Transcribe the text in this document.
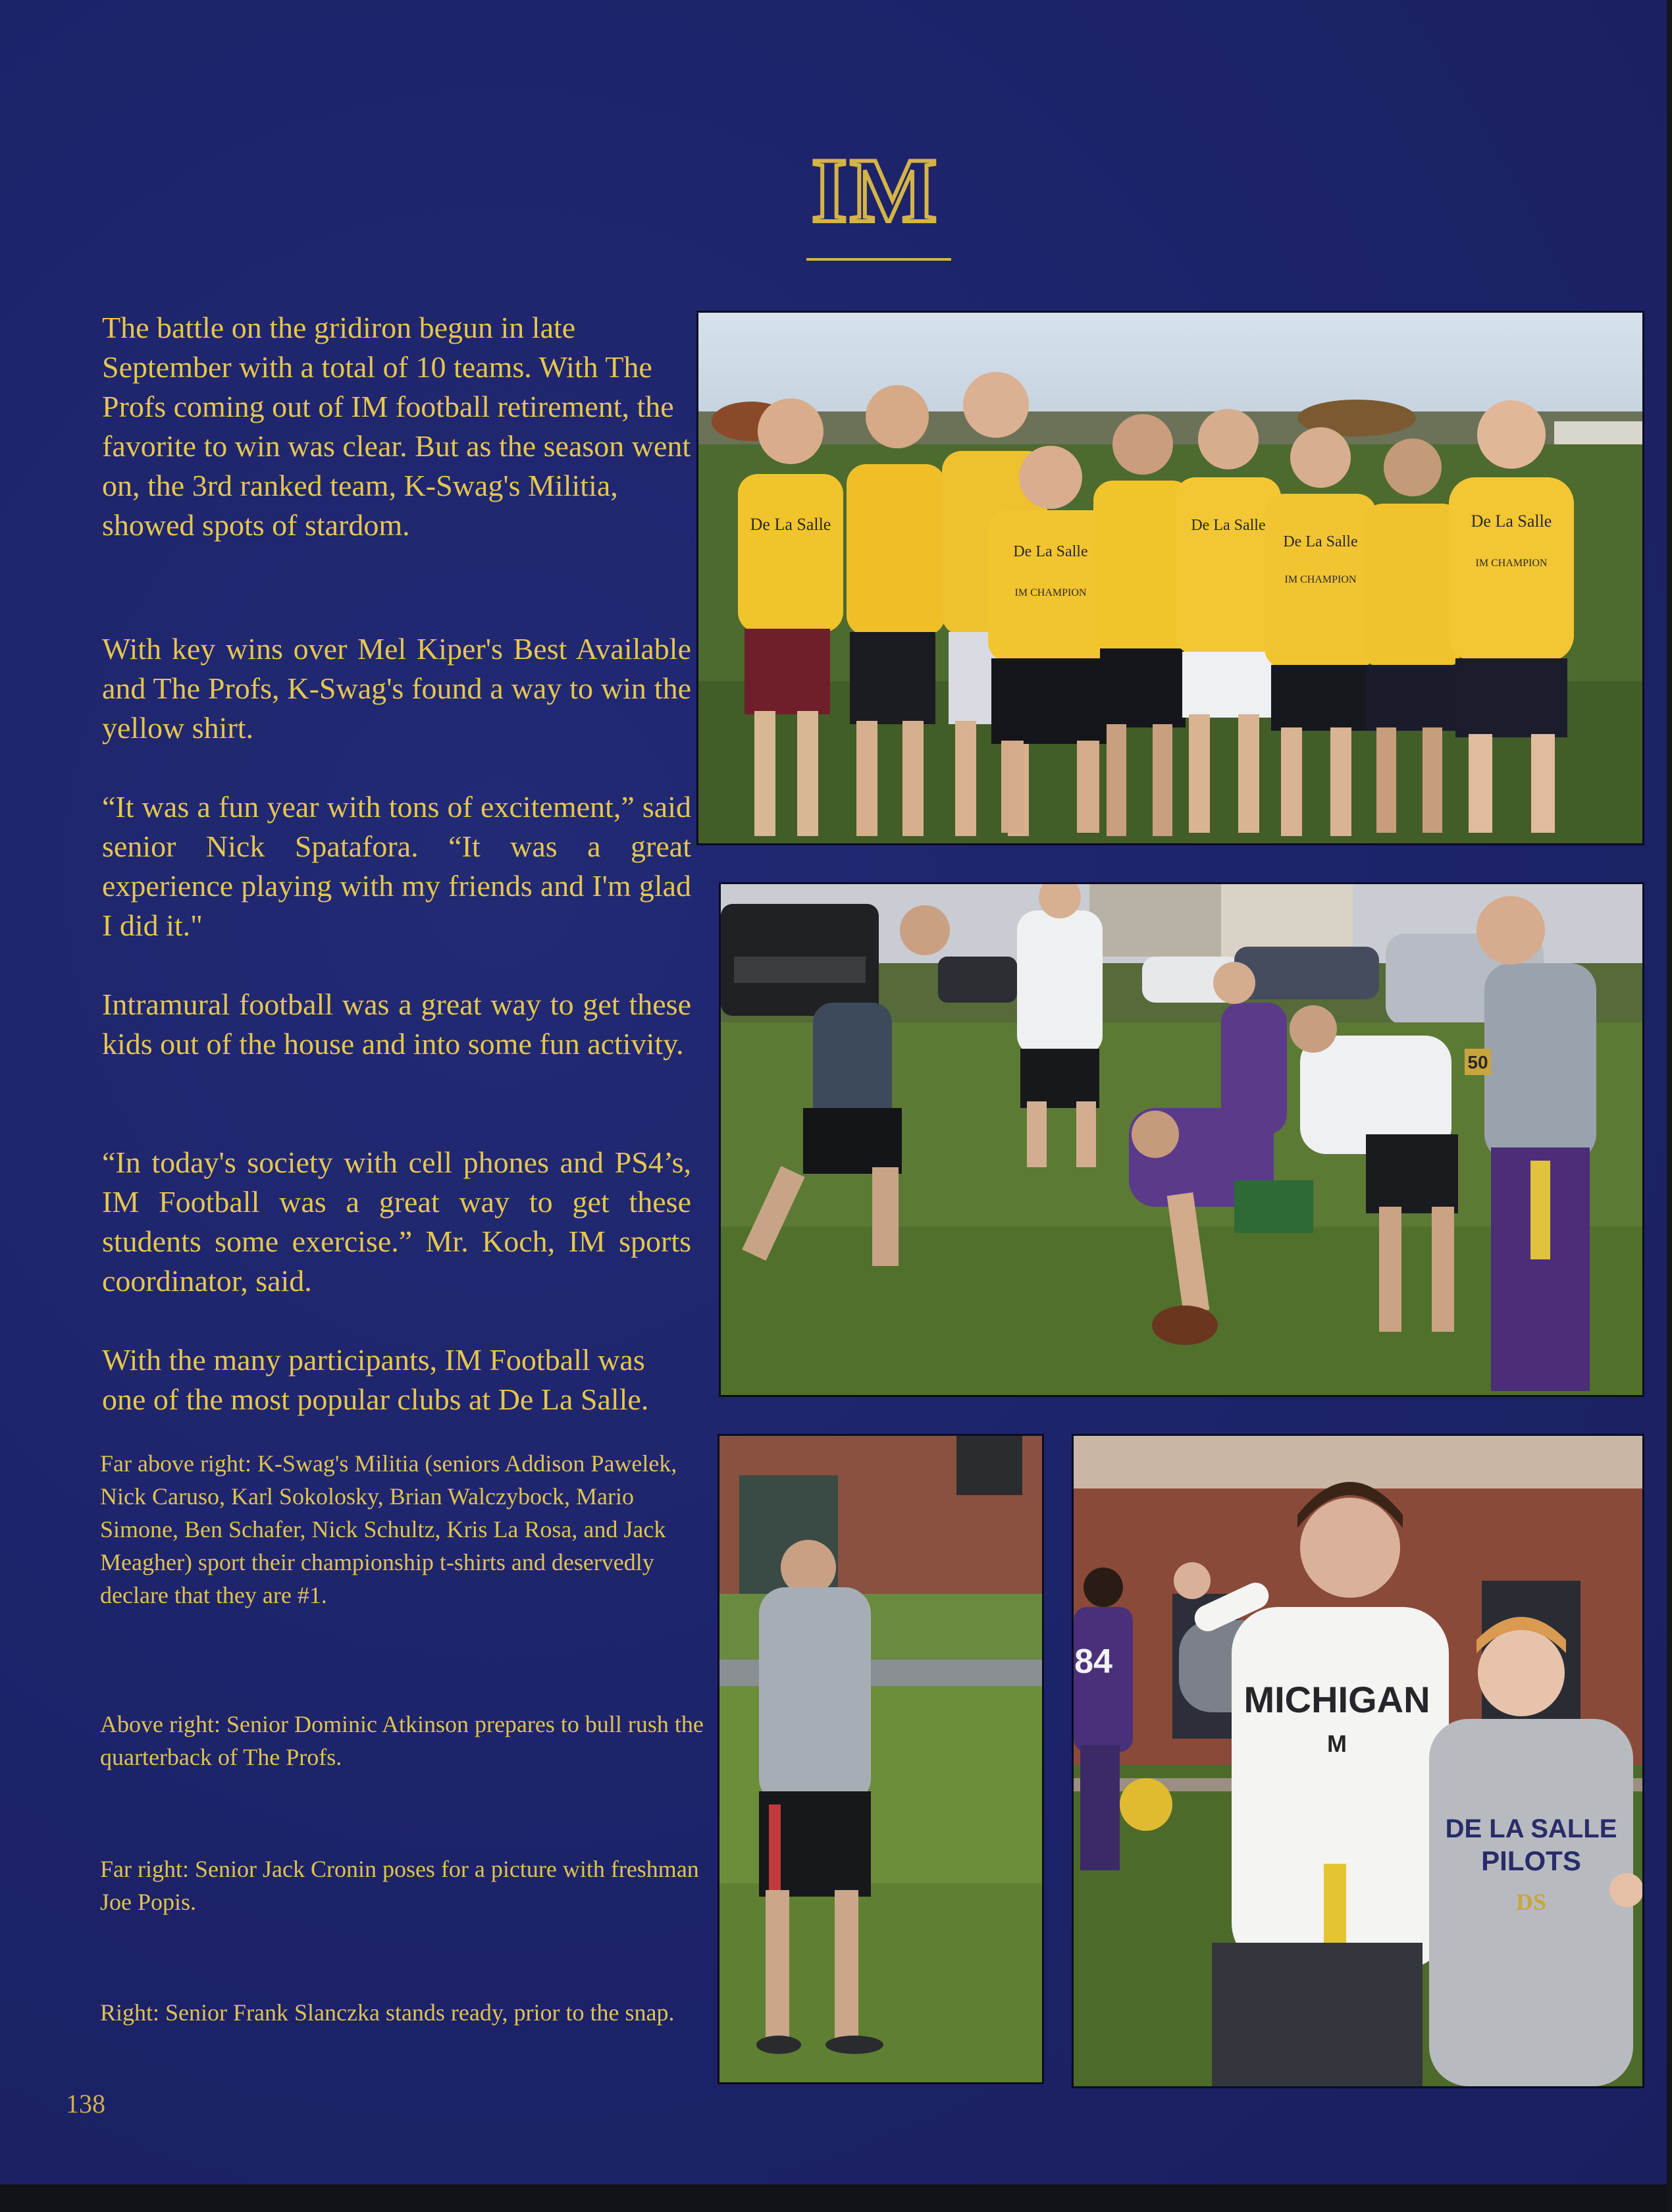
IM

The battle on the gridiron begun in late September with a total of 10 teams. With The Profs coming out of IM football retirement, the favorite to win was clear. But as the season went on, the 3rd ranked team, K-Swag's Militia, showed spots of stardom.

With key wins over Mel Kiper's Best Available and The Profs, K-Swag's found a way to win the yellow shirt.

“It was a fun year with tons of excitement,” said senior Nick Spatafora. “It was a great experience playing with my friends and I'm glad I did it."

Intramural football was a great way to get these kids out of the house and into some fun activity.

“In today's society with cell phones and PS4’s, IM Football was a great way to get these students some exercise.” Mr. Koch, IM sports coordinator, said.

With the many participants, IM Football was one of the most popular clubs at De La Salle.

Far above right: K-Swag's Militia (seniors Addison Pawelek, Nick Caruso, Karl Sokolosky, Brian Walczybock, Mario Simone, Ben Schafer, Nick Schultz, Kris La Rosa, and Jack Meagher) sport their championship t-shirts and deservedly declare that they are #1.

Above right: Senior Dominic Atkinson prepares to bull rush the quarterback of The Profs.

Far right: Senior Jack Cronin poses for a picture with freshman Joe Popis.

Right: Senior Frank Slanczka stands ready, prior to the snap.

138
De La Salle
De La Salle
IM CHAMPION
De La Salle
De La Salle
IM CHAMPION
De La Salle
IM CHAMPION
50
84
MICHIGAN
M
DE LA SALLE
PILOTS
DS
